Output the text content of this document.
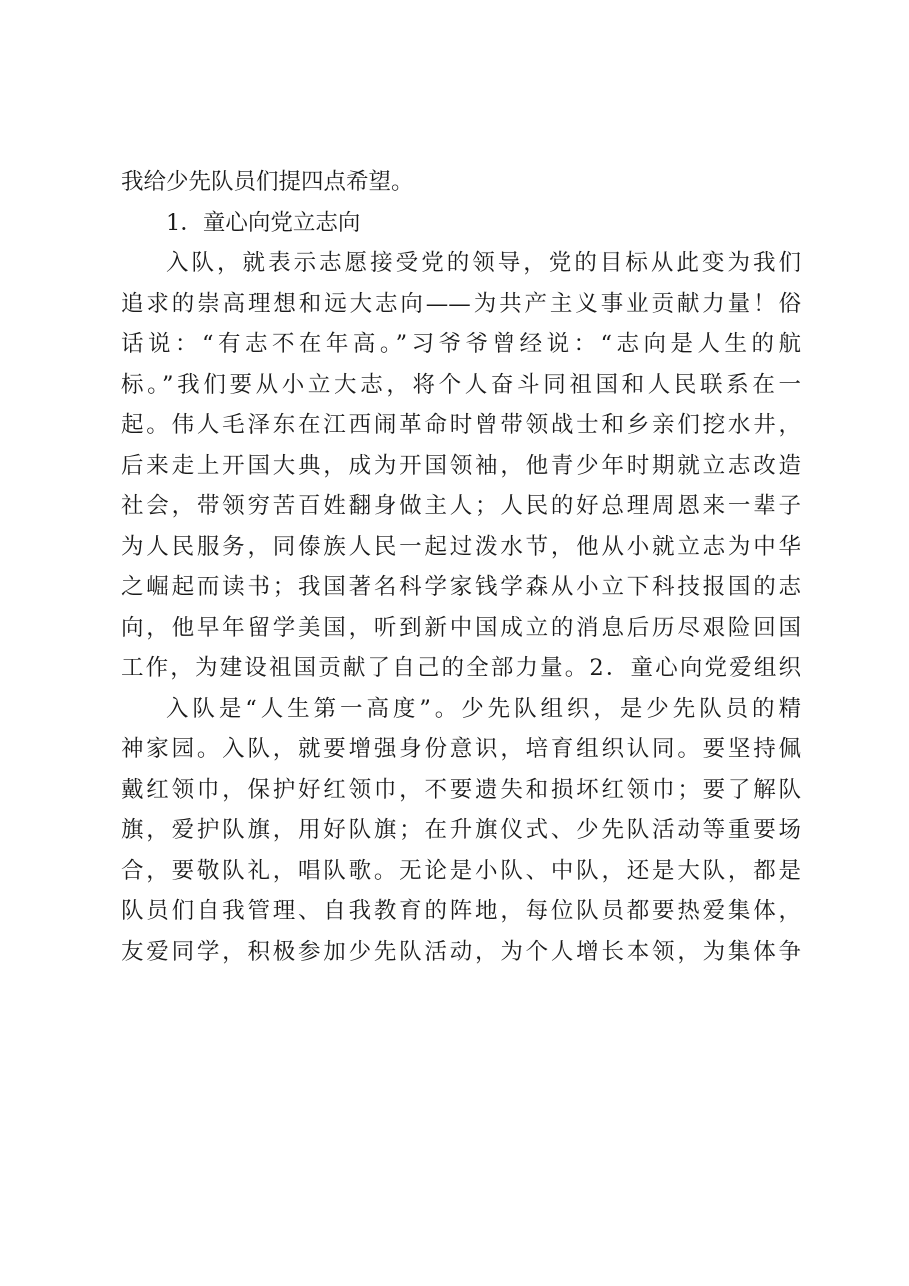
我给少先队员们提四点希望。
1．童心向党立志向
入队，就表示志愿接受党的领导，党的目标从此变为我们
追求的崇高理想和远大志向——为共产主义事业贡献力量！俗
话说：“有志不在年高。”习爷爷曾经说：“志向是人生的航
标。”我们要从小立大志，将个人奋斗同祖国和人民联系在一
起。伟人毛泽东在江西闹革命时曾带领战士和乡亲们挖水井，
后来走上开国大典，成为开国领袖，他青少年时期就立志改造
社会，带领穷苦百姓翻身做主人；人民的好总理周恩来一辈子
为人民服务，同傣族人民一起过泼水节，他从小就立志为中华
之崛起而读书；我国著名科学家钱学森从小立下科技报国的志
向，他早年留学美国，听到新中国成立的消息后历尽艰险回国
工作，为建设祖国贡献了自己的全部力量。2．童心向党爱组织
入队是“人生第一高度”。少先队组织，是少先队员的精
神家园。入队，就要增强身份意识，培育组织认同。要坚持佩
戴红领巾，保护好红领巾，不要遗失和损坏红领巾；要了解队
旗，爱护队旗，用好队旗；在升旗仪式、少先队活动等重要场
合，要敬队礼，唱队歌。无论是小队、中队，还是大队，都是
队员们自我管理、自我教育的阵地，每位队员都要热爱集体，
友爱同学，积极参加少先队活动，为个人增长本领，为集体争
